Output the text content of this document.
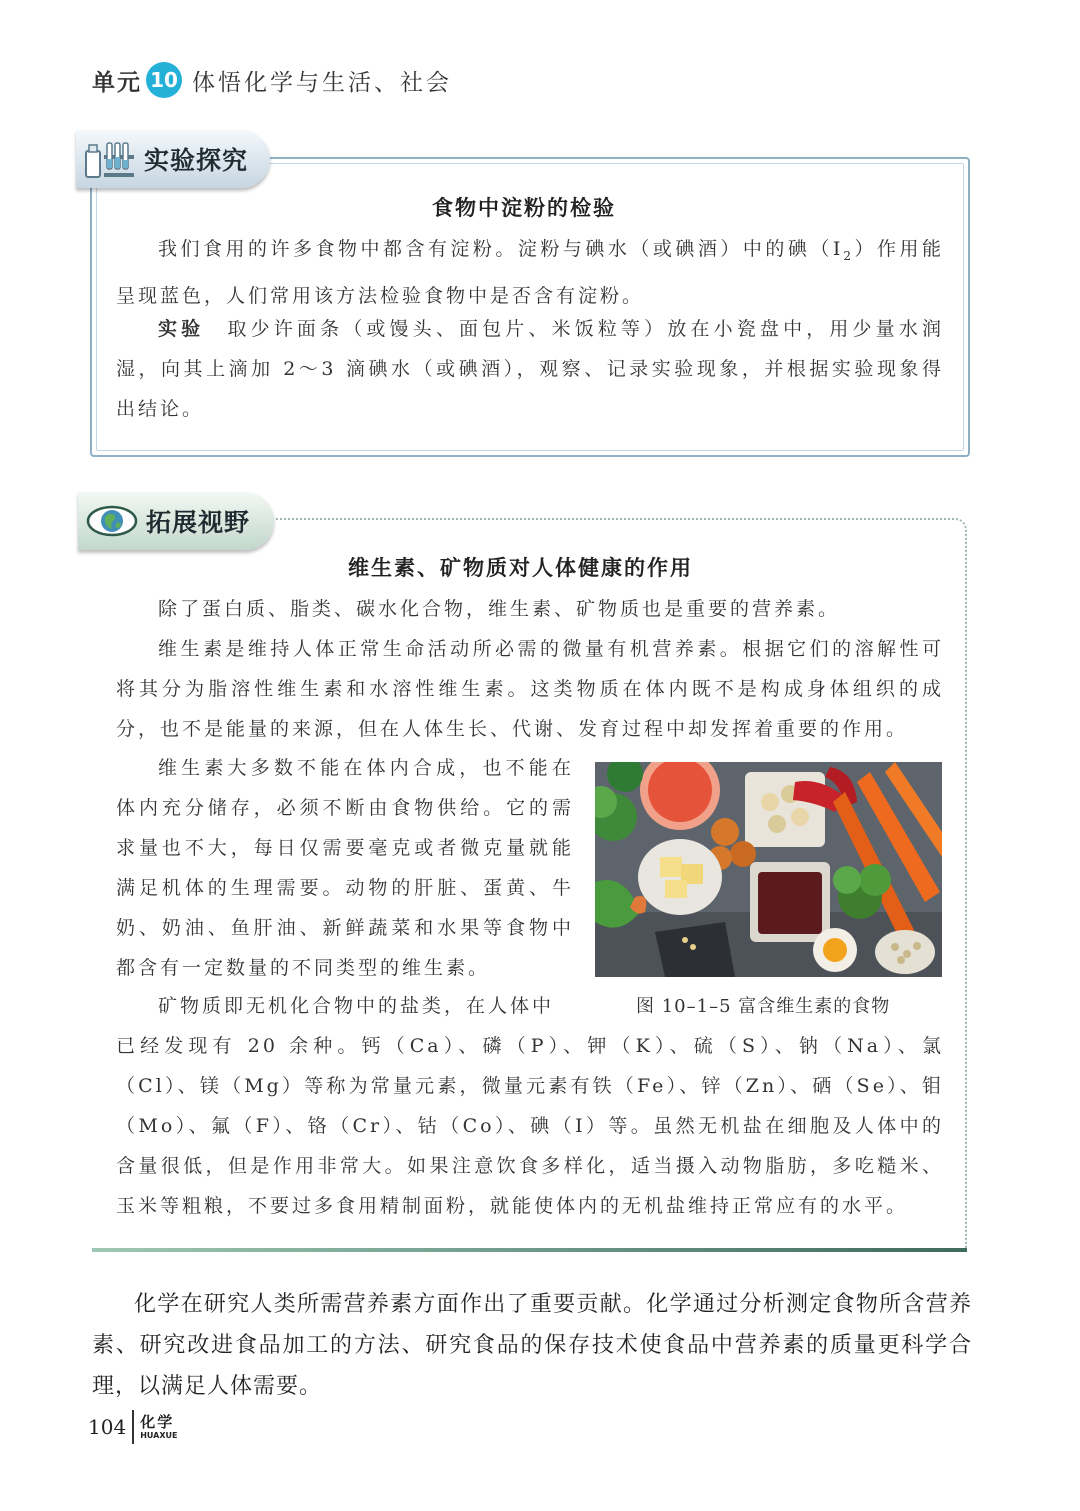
单元 10 体悟化学与生活、社会
实验探究
食物中淀粉的检验
我们食用的许多食物中都含有淀粉。淀粉与碘水（或碘酒）中的碘$(I_2)$作用能呈现蓝色，人们常用该方法检验食物中是否含有淀粉。
实验　 取少许面条（或馒头、面包片、米饭粒等）放在小瓷盘中，用少量水润湿，向其上滴加 2～3 滴碘水（或碘酒），观察、记录实验现象，并根据实验现象得出结论。
拓展视野
维生素、矿物质对人体健康的作用
除了蛋白质、脂类、碳水化合物，维生素、矿物质也是重要的营养素。
维生素是维持人体正常生命活动所必需的微量有机营养素。根据它们的溶解性可将其分为脂溶性维生素和水溶性维生素。这类物质在体内既不是构成身体组织的成分，也不是能量的来源，但在人体生长、代谢、发育过程中却发挥着重要的作用。
维生素大多数不能在体内合成，也不能在体内充分储存，必须不断由食物供给。它的需求量也不大，每日仅需要毫克或者微克量就能满足机体的生理需要。动物的肝脏、蛋黄、牛奶、奶油、鱼肝油、新鲜蔬菜和水果等食物中都含有一定数量的不同类型的维生素。
矿物质即无机化合物中的盐类，在人体中
已经发现有 20 余种。钙（Ca）、磷（P）、钾（K）、硫（S）、钠（Na）、氯（Cl）、镁（Mg）等称为常量元素，微量元素有铁（Fe）、锌（Zn）、硒（Se）、钼（Mo）、氟（F）、铬（Cr）、钴（Co）、碘（I）等。虽然无机盐在细胞及人体中的含量很低，但是作用非常大。如果注意饮食多样化，适当摄入动物脂肪，多吃糙米、玉米等粗粮，不要过多食用精制面粉，就能使体内的无机盐维持正常应有的水平。
图 10–1–5 富含维生素的食物
化学在研究人类所需营养素方面作出了重要贡献。化学通过分析测定食物所含营养素、研究改进食品加工的方法、研究食品的保存技术使食品中营养素的质量更科学合理，以满足人体需要。
104 化学
HUAXUE
